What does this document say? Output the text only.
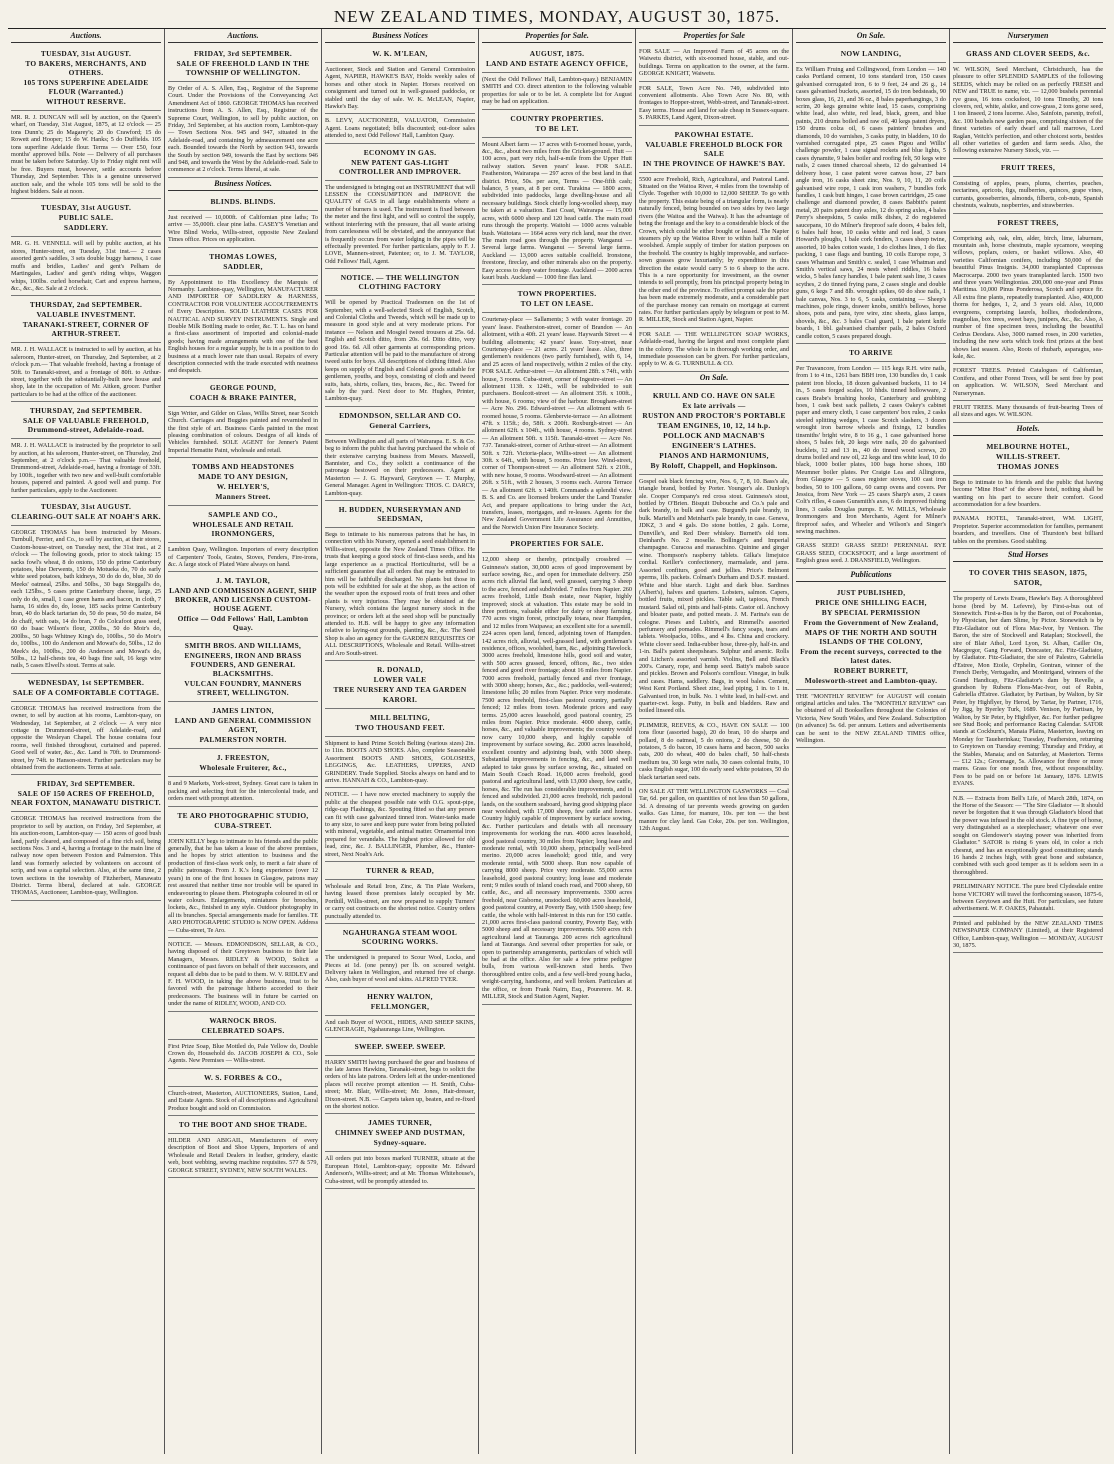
NEW ZEALAND TIMES, MONDAY, AUGUST 30, 1875.
Auctions.
TUESDAY, 31st AUGUST.
TO BAKERS, MERCHANTS, AND OTHERS.
105 TONS SUPERFINE ADELAIDE FLOUR (Warranted.)
WITHOUT RESERVE.
MR. R. J. DUNCAN will sell by auction, on the Queen's wharf, on Tuesday, 31st August, 1875, at 12 o'clock — 25 tons Dunn's; 25 do Magarey's; 20 do Crawford; 15 do Rowett and Hooper; 15 do W. Hanks; 5 do Duffields. 105 tons superfine Adelaide flour. Terms — Over £50, four months' approved bills. Note — Delivery of all purchases must be taken before Saturday. Up to Friday night rent will be free. Buyers must, however, settle accounts before Thursday, 2nd September. This is a genuine unreserved auction sale, and the whole 105 tons will be sold to the highest bidders. Sale at noon.
TUESDAY, 31st AUGUST.
PUBLIC SALE.
SADDLERY.
MR. G. H. VENNELL will sell by public auction, at his stores, Hunter-street, on Tuesday, 31st inst.— 2 cases assorted gent's saddles, 3 sets double buggy harness, 1 case muffs and bridles, Ladies' and gent's Pelham de Martingales, Ladies' and gent's riding whips, Waggon whips, 100lbs. curled horsehair, Cart and express harness, &c., &c., &c. Sale at 2 o'clock.
THURSDAY, 2nd SEPTEMBER.
VALUABLE INVESTMENT.
TARANAKI-STREET, CORNER OF ARTHUR-STREET.
MR. J. H. WALLACE is instructed to sell by auction, at his saleroom, Hunter-street, on Thursday, 2nd September, at 2 o'clock p.m.— That valuable freehold, having a frontage of 50ft. to Taranaki-street, and a frontage of 80ft. to Arthur-street, together with the substantially-built new house and shop, late in the occupation of Mr. Aitken, grocer. Further particulars to be had at the office of the auctioneer.
THURSDAY, 2nd SEPTEMBER.
SALE OF VALUABLE FREEHOLD, Drummond-street, Adelaide-road.
MR. J. H. WALLACE is instructed by the proprietor to sell by auction, at his saleroom, Hunter-street, on Thursday, 2nd September, at 2 o'clock p.m.— That valuable freehold, Drummond-street, Adelaide-road, having a frontage of 33ft. by 100ft., together with two new and well-built comfortable houses, papered and painted. A good well and pump. For further particulars, apply to the Auctioneer.
TUESDAY, 31st AUGUST.
CLEARING-OUT SALE AT NOAH'S ARK.
GEORGE THOMAS has been instructed by Messrs. Turnbull, Ferrier, and Co., to sell by auction, at their stores, Custom-house-street, on Tuesday next, the 31st inst., at 2 o'clock — The following goods, prior to stock taking: 15 sacks fowl's wheat, 8 do onions, 150 do prime Canterbury potatoes, blue Derwents, 150 do Motueka do, 70 do early white seed potatoes, bath kidneys, 30 do do do, blue, 30 do Meeks' oatmeal, 25lbs. and 50lbs., 30 bags Steggall's do, each 125lbs., 5 cases prime Canterbury cheese, large, 25 only do do, small, 1 case green hams and bacon, in cloth, 7 hams, 16 sides do, do, loose, 185 sacks prime Canterbury bran, 40 do black tartarian do, 50 do peas, 50 do maize, 84 do chaff, with oats, 14 do bran, 7 do Colcafoot grass seed, 60 do Isaac Wilson's flour, 200lbs., 50 do Moir's do, 200lbs., 50 bags Whitney King's do, 100lbs., 50 do Moir's do, 100lbs., 100 do Anderson and Mowat's do, 50lbs., 12 do Meek's do, 100lbs., 200 do Anderson and Mowat's do, 50lbs., 12 half-chests tea, 40 bags fine salt, 16 kegs wire nails, 5 cases Elwell's stout. Terms at sale.
WEDNESDAY, 1st SEPTEMBER.
SALE OF A COMFORTABLE COTTAGE.
GEORGE THOMAS has received instructions from the owner, to sell by auction at his rooms, Lambton-quay, on Wednesday, 1st September, at 2 o'clock — A very nice cottage in Drummond-street, off Adelaide-road, and opposite the Wesleyan Chapel. The house contains four rooms, well finished throughout, curtained and papered. Good well of water, &c., &c. Land is 70ft. to Drummond-street, by 74ft. to Hanson-street. Further particulars may be obtained from the auctioneers. Terms at sale.
FRIDAY, 3rd SEPTEMBER.
SALE OF 150 ACRES OF FREEHOLD, NEAR FOXTON, MANAWATU DISTRICT.
GEORGE THOMAS has received instructions from the proprietor to sell by auction, on Friday, 3rd September, at his auction-room, Lambton-quay — 150 acres of good bush land, partly cleared, and composed of a fine rich soil, being sections Nos. 3 and 4, having a frontage to the main line of railway now open between Foxton and Palmerston. This land was formerly selected by volunteers on account of scrip, and was a capital selection. Also, at the same time, 2 town sections in the township of Fitzherbert, Manawatu District. Terms liberal, declared at sale. GEORGE THOMAS, Auctioneer, Lambton-quay, Wellington.
Auctions.
FRIDAY, 3rd SEPTEMBER.
SALE OF FREEHOLD LAND IN THE TOWNSHIP OF WELLINGTON.
By Order of A. S. Allen, Esq., Registrar of the Supreme Court. Under the Provisions of the Conveyancing Act Amendment Act of 1860. GEORGE THOMAS has received instructions from A. S. Allen, Esq., Registrar of the Supreme Court, Wellington, to sell by public auction, on Friday, 3rd September, at his auction room, Lambton-quay — Town Sections Nos. 945 and 947, situated in the Adelaide-road, and containing by admeasurement one acre each. Bounded towards the North by section 943, towards the South by section 949, towards the East by sections 946 and 948, and towards the West by the Adelaide-road. Sale to commence at 2 o'clock. Terms liberal, at sale.
Business Notices.
BLINDS. BLINDS.
Just received — 10,000ft. of Californian pine laths; To arrive — 35,000ft. clear pine laths. CASEY'S Venetian and Wire Blind Works, Willis-street, opposite New Zealand Times office. Prices on application.
THOMAS LOWES,
SADDLER,
By Appointment to His Excellency the Marquis of Normanby. Lambton-quay, Wellington, MANUFACTURER AND IMPORTER OF SADDLERY & HARNESS, CONTRACTOR FOR VOLUNTEER ACCOUTREMENTS of Every Description. SOLID LEATHER CASES FOR NAUTICAL AND SURVEY INSTRUMENTS. Single and Double Milk Bottling made to order, &c. T. L. has on hand a first-class assortment of imported and colonial-made goods; having made arrangements with one of the best English houses for a regular supply, he is in a position to do business at a much lower rate than usual. Repairs of every description connected with the trade executed with neatness and despatch.
GEORGE POUND,
COACH & BRAKE PAINTER,
Sign Writer, and Gilder on Glass, Willis Street, near Scotch Church. Carriages and Buggies painted and revarnished in the first style of art. Business Cards painted in the most pleasing combination of colours. Designs of all kinds of Vehicles furnished. SOLE AGENT for Jenner's Patent Imperial Hematite Paint, wholesale and retail.
TOMBS AND HEADSTONES
MADE TO ANY DESIGN,
W. HELYER'S,
Manners Street.
SAMPLE AND CO.,
WHOLESALE AND RETAIL IRONMONGERS,
Lambton Quay, Wellington. Importers of every description of Carpenters' Tools, Grates, Stoves, Fenders, Fire-irons, &c. A large stock of Plated Ware always on hand.
J. M. TAYLOR,
LAND AND COMMISSION AGENT, SHIP BROKER, AND LICENSED CUSTOM-HOUSE AGENT.
Office — Odd Fellows' Hall, Lambton Quay.
SMITH BROS. AND WILLIAMS,
ENGINEERS, IRON AND BRASS FOUNDERS, AND GENERAL BLACKSMITHS.
VULCAN FOUNDRY, MANNERS STREET, WELLINGTON.
JAMES LINTON,
LAND AND GENERAL COMMISSION AGENT,
PALMERSTON NORTH.
J. FREESTON,
Wholesale Fruiterer, &c.,
8 and 9 Markets, York-street, Sydney. Great care is taken in packing and selecting fruit for the intercolonial trade, and orders meet with prompt attention.
TE ARO PHOTOGRAPHIC STUDIO,
CUBA-STREET.
JOHN KELLY begs to intimate to his friends and the public generally, that he has taken a lease of the above premises, and he hopes by strict attention to business and the production of first-class work only, to merit a fair share of public patronage. From J. K.'s long experience (over 12 years) in one of the first houses in Glasgow, patrons may rest assured that neither time nor trouble will be spared in endeavouring to please them. Photographs coloured in oil or water colours. Enlargements, miniatures for brooches, lockets, &c., finished in any style. Outdoor photography in all its branches. Special arrangements made for families. TE ARO PHOTOGRAPHIC STUDIO is NOW OPEN. Address — Cuba-street, Te Aro.
NOTICE. — Messrs. EDMONDSON, SELLAR, & CO., having disposed of their Greytown business to their late Managers, Messrs. RIDLEY & WOOD, Solicit a continuance of past favors on behalf of their successors, and request all debts due to be paid to them. W. V. RIDLEY and F. H. WOOD, in taking the above business, trust to be favored with the patronage hitherto accorded to their predecessors. The business will in future be carried on under the name of RIDLEY, WOOD, AND CO.
WARNOCK BROS.
CELEBRATED SOAPS.
First Prize Soap, Blue Mottled do, Pale Yellow do, Double Crown do, Household do. JACOB JOSEPH & CO., Sole Agents. New Premises — Willis-street.
W. S. FORBES & CO.,
Church-street, Masterton, AUCTIONEERS, Station, Land, and Estate Agents. Stock of all descriptions and Agricultural Produce bought and sold on Commission.
TO THE BOOT AND SHOE TRADE.
HILDER AND ABIGAIL, Manufacturers of every description of Boot and Shoe Uppers, Importers of and Wholesale and Retail Dealers in leather, grindery, elastic web, boot webbing, sewing machine requisites. 577 & 579, GEORGE STREET, SYDNEY, NEW SOUTH WALES.
Business Notices
W. K. M'LEAN,
Auctioneer, Stock and Station and General Commission Agent, NAPIER, HAWKE'S BAY, Holds weekly sales of horses and other stock in Napier. Horses received on consignment and turned out in well-grassed paddocks, or stabled until the day of sale. W. K. McLEAN, Napier, Hawke's Bay.
B. LEVY, AUCTIONEER, VALUATOR, Commission Agent. Loans negotiated; bills discounted; out-door sales attended to, next Odd Fellows' Hall, Lambton Quay.
ECONOMY IN GAS.
NEW PATENT GAS-LIGHT CONTROLLER AND IMPROVER.
The undersigned is bringing out an INSTRUMENT that will LESSEN the CONSUMPTION and IMPROVE the QUALITY of GAS in all large establishments where a number of burners is used. The instrument is fixed between the meter and the first light, and will so control the supply, without interfering with the pressure, that all waste arising from carelessness will be obviated, and the annoyance that is frequently occurs from water lodging in the pipes will be effectually prevented. For further particulars, apply to F. J. LOVE, Manners-street, Patentee; or, to J. M. TAYLOR, Odd Fellows' Hall, Agent.
NOTICE. — THE WELLINGTON CLOTHING FACTORY
Will be opened by Practical Tradesmen on the 1st of September, with a well-selected Stock of English, Scotch, and Colonial Cloths and Tweeds, which will be made up to measure in good style and at very moderate prices. For instance — Nelson and Mosgiel tweed trousers at 25s. 6d. English and Scotch ditto, from 20s. 6d. Ditto ditto, very good 16s. 6d. All other garments at corresponding prices. Particular attention will be paid to the manufacture of strong tweed suits for boys. All descriptions of clothing fitted. Also keeps on supply of English and Colonial goods suitable for gentlemen, youths, and boys, consisting of cloth and tweed suits, hats, shirts, collars, ties, braces, &c., &c. Tweed for sale by the yard. Next door to Mr. Hughes, Printer, Lambton-quay.
EDMONDSON, SELLAR AND CO.
General Carriers,
Between Wellington and all parts of Wairarapa. E. S. & Co. beg to inform the public that having purchased the whole of their extensive carrying business from Messrs. Maxwell, Bannister, and Co., they solicit a continuance of the patronage bestowed on their predecessors. Agent at Masterton — J. G. Hayward, Greytown — T. Murphy, General Manager. Agent in Wellington: THOS. C. DARCY, Lambton-quay.
H. BUDDEN, NURSERYMAN AND SEEDSMAN,
Begs to intimate to his numerous patrons that he has, in connection with his Nursery, opened a seed establishment in Willis-street, opposite the New Zealand Times Office. He trusts that keeping a good stock of first-class seeds, and his large experience as a practical Horticulturist, will be a sufficient guarantee that all orders that may be entrusted to him will be faithfully discharged. No plants but those in pots will be exhibited for sale at the shop, as the action of the weather upon the exposed roots of fruit trees and other plants is very injurious. They may be obtained at the Nursery, which contains the largest nursery stock in the province; or orders left at the seed shop will be punctually attended to. H.B. will be happy to give any information relative to laying-out grounds, planting, &c., &c. The Seed Shop is also an agency for the GARDEN REQUISITES OF ALL DESCRIPTIONS, Wholesale and Retail. Willis-street and Aro South-street.
R. DONALD,
LOWER VALE
TREE NURSERY AND TEA GARDEN
KARORI.
MILL BELTING,
TWO THOUSAND FEET.
Shipment to hand Prime Scotch Belting (various sizes) 2in. to 11in. BOOTS AND SHOES. Also, complete Seasonable Assortment BOOTS AND SHOES, GOLOSHES, LEGGINGS, &c. LEATHERS, UPPERS, AND GRINDERY. Trade Supplied. Stocks always on hand and to arrive. HANNAH & CO., Lambton-quay.
NOTICE. — I have now erected machinery to supply the public at the cheapest possible rate with O.G. spout-pipe, ridge-cap Flashings, &c. Spouting fitted so that any person can fit with case galvanized tinned iron. Water-tanks made to any size, to save and keep pure water from being polluted with mineral, vegetable, and animal matter. Ornamental iron prepared for verandahs. The highest price allowed for old lead, zinc, &c. J. BALLINGER, Plumber, &c., Hunter-street, Next Noah's Ark.
TURNER & READ,
Wholesale and Retail Iron, Zinc, & Tin Plate Workers, having leased those premises lately occupied by Mr. Porthill, Willis-street, are now prepared to supply Turners' or carry out contracts on the shortest notice. Country orders punctually attended to.
NGAHURANGA STEAM WOOL SCOURING WORKS.
The undersigned is prepared to Scour Wool, Locks, and Pieces at 1d. (one penny) per lb. on scoured weight. Delivery taken in Wellington, and returned free of charge. Also, cash buyer of wool and skins. ALFRED TYER.
HENRY WALTON,
FELLMONGER,
And cash Buyer of WOOL, HIDES, AND SHEEP SKINS, GLENCRAGIE, Ngahauranga Line, Wellington.
SWEEP. SWEEP. SWEEP.
HARRY SMITH having purchased the gear and business of the late James Hawkins, Taranaki-street, begs to solicit the orders of his late patrons. Orders left at the under-mentioned places will receive prompt attention — H. Smith, Cuba-street; Mr. Blair, Willis-street; Mr. Jones, Hair-dresser, Dixon-street. N.B. — Carpets taken up, beaten, and re-fixed on the shortest notice.
JAMES TURNER,
CHIMNEY SWEEP AND DUSTMAN,
Sydney-square.
All orders put into boxes marked TURNER, situate at the European Hotel, Lambton-quay; opposite Mr. Edward Anderson's, Willis-street; and at Mr. Thomas Whitehouse's, Cuba-street, will be promptly attended to.
Properties for Sale.
AUGUST, 1875.
LAND AND ESTATE AGENCY OFFICE,
(Next the Odd Fellows' Hall, Lambton-quay.) BENJAMIN SMITH and CO. direct attention to the following valuable properties for sale or to be let. A complete list for August may be had on application.
COUNTRY PROPERTIES.
TO BE LET.
Mount Albert farm — 17 acres with 6-roomed house, yards, &c., &c., about two miles from the Cricket-ground. Hutt — 100 acres, part very rich, half-a-mile from the Upper Hutt railway station. Seven years' lease. FOR SALE. Featherston, Wairarapa — 297 acres of the best land in that district. Price, 50s. per acre, Terms — One-fifth cash; balance, 5 years, at 8 per cent. Turakina — 1800 acres, subdivided into paddocks, large dwelling-house and all necessary buildings. Stock chiefly long-woolled sheep, may be taken at a valuation. East Coast, Wairarapa — 15,000 acres, with 6000 sheep and 120 head cattle. The main road runs through the property. Waitohi — 1000 acres valuable bush. Waitotara — 1664 acres very rich land, near the river. The main road goes through the property. Wanganui — Several large farms. Wanganui — Several large farms. Auckland — 13,000 acres suitable coalfield. Ironstone, freestone, fireclay, and other minerals also on the property. Easy access to deep water frontage. Auckland — 2000 acres kauri bush. Auckland — 1000 fine flax land.
TOWN PROPERTIES.
TO LET ON LEASE.
Courtenay-place — Sallaments; 3 with water frontage. 20 years' lease. Featherston-street, corner of Brandon — An allotment, with a 40ft. 21 years' lease. Haywards Street — 4 building allotments; 42 years' lease. Tory-street, near Courtenay-place — 21 acres. 21 years' lease. Also, three gentlemen's residences (two partly furnished), with 6, 14, and 25 acres of land respectively, within 2 miles of the city. FOR SALE. Arthur-street — An allotment 28ft. x 74ft., with house, 3 rooms. Cuba-street, corner of Ingestre-street — An allotment 113ft. x 124ft., will be subdivided to suit purchasers. Boulcott-street — An allotment 35ft. x 100ft., with house, 6 rooms; view of the harbour. Brougham-street — Acre No. 296. Edward-street — An allotment with 6-roomed house, 5 rooms. Glenbervie-terrace — An allotment 47ft. x 115ft.; do, 58ft. x 200ft. Roxburgh-street — An allotment 62ft. x 104ft., with house, 4 rooms. Sydney-street — An allotment 50ft. x 115ft. Taranaki-street — Acre No. 737. Taranaki-street, corner of Arthur-street — An allotment 50ft. x 72ft. Victoria-place, Willis-street — An allotment 30ft. x 64ft., with house, 5 rooms. Price low. Wind-street, corner of Thompson-street — An allotment 52ft. x 210ft., with new house, 9 rooms. Woodward-street — An allotment 26ft. x 51ft., with 2 houses, 3 rooms each. Aurora Terrace — An allotment 62ft. x 140ft. Commands a splendid view. B. S. and Co. are licensed brokers under the Land Transfer Act, and prepare applications to bring under the Act, transfers, leases, mortgages, and re-leases. Agents for the New Zealand Government Life Assurance and Annuities, and the Norwich Union Fire Insurance Society.
PROPERTIES FOR SALE.
12,000 sheep or thereby, principally crossbred — Guinness's station, 30,000 acres of good improvement by surface sowing, &c., and open for immediate delivery. 250 acres rich alluvial flat land, well grassed, carrying 3 sheep to the acre, fenced and subdivided. 7 miles from Napier. 260 acres freehold, Little Bush estate, near Napier, highly improved; stock at valuation. This estate may be sold in three portions, valuable either for dairy or sheep farming. 770 acres virgin forest, principally totara, near Hampden, and 12 miles from Waipawa; an excellent site for a sawmill. 224 acres open land, fenced, adjoining town of Hampden. 142 acres rich, alluvial, well-grassed land, with gentleman's residence, offices, woolshed, barn, &c., adjoining Havelock. 3000 acres freehold, limestone hills, good soil and water, with 500 acres grassed, fenced, offices, &c., two sides fenced and good river frontage; about 16 miles from Napier. 7000 acres freehold, partially fenced and river frontage, with 3000 sheep; horses, &c., &c.; paddocks, well-watered; limestone hills; 20 miles from Napier. Price very moderate. 7500 acres freehold, first-class pastoral country, partially fenced; 12 miles from town. Moderate prices and easy terms. 25,000 acres leasehold, good pastoral country, 25 miles from Napier. Price moderate. 4000 sheep, cattle, horses, &c., and valuable improvements; the country would now carry 10,000 sheep, and highly capable of improvement by surface sowing, &c. 2000 acres leasehold, excellent country and adjoining bush, with 3000 sheep. Substantial improvements in fencing, &c., and land well adapted to take grass by surface sowing, &c., situated on Main South Coach Road. 16,000 acres freehold, good pastoral and agricultural land, with 13,000 sheep, few cattle, horses, &c. The run has considerable improvements, and is fenced and subdivided. 21,000 acres freehold, rich pastoral lands, on the southern seaboard, having good shipping place near woolshed, with 17,000 sheep, few cattle and horses. Country highly capable of improvement by surface sowing, &c. Further particulars and details with all necessary improvements for working the run. 4000 acres leasehold, good pastoral country, 30 miles from Napier; long lease and moderate rental, with 10,000 sheep, principally well-bred merino. 20,000 acres leasehold; good title, and very moderate rental, with 5000 sheep. Run now capable of carrying 8000 sheep. Price very moderate. 55,000 acres leasehold, good pastoral country; long lease and moderate rent; 9 miles south of inland coach road, and 7000 sheep, 60 cattle, &c., and all necessary improvements. 3300 acres freehold, near Gisborne, unstocked. 60,000 acres leasehold, good pastoral country, at Poverty Bay, with 1500 sheep; few cattle, the whole with half-interest in this run for 150 cattle. 21,000 acres first-class pastoral country, Poverty Bay, with 5000 sheep and all necessary improvements. 500 acres rich agricultural land at Tauranga. 200 acres rich agricultural land at Tauranga. And several other properties for sale, or open to partnership arrangements, particulars of which will be had at the office. Also for sale a few prime pedigree bulls, from various well-known stud herds. Two thoroughbred entire colts, and a few well-bred young hacks, weight-carrying, handsome, and well broken. Particulars at the office, or from Frank Nairn, Esq., Pourerere. M. R. MILLER, Stock and Station Agent, Napier.
Properties for Sale
FOR SALE — An Improved Farm of 45 acres on the Waiwetu district, with six-roomed house, stable, and out-buildings. Terms on application to the owner, at the farm. GEORGE KNIGHT, Waiwetu.
FOR SALE, Town Acre No. 749, subdivided into convenient allotments. Also Town Acre No. 80, with frontages to Hopper-street, Webb-street, and Taranaki-street. Easy terms. House and land for sale cheap in Sussex-square. S. PARKES, Land Agent, Dixon-street.
PAKOWHAI ESTATE.
VALUABLE FREEHOLD BLOCK FOR SALE
IN THE PROVINCE OF HAWKE'S BAY.
5500 acre Freehold, Rich, Agricultural, and Pastoral Land. Situated on the Waitoa River, 4 miles from the township of Clyde. Together with 10,000 to 12,000 SHEEP. To go with the property. This estate being of a triangular form, is nearly naturally fenced, being bounded on two sides by two large rivers (the Waitoa and the Waiwa). It has the advantage of being the frontage and the key to a considerable block of the Crown, which could be either bought or leased. The Napier steamers ply up the Waitoa River to within half a mile of woolshed. Ample supply of timber for station purposes on the freehold. The country is highly improvable, and surface-sown grasses grow luxuriantly; by expenditure in this direction the estate would carry 5 to 6 sheep to the acre. This is a rare opportunity for investment, as the owner intends to sell promptly, from his principal property being in the other end of the province. To effect prompt sale the price has been made extremely moderate, and a considerable part of the purchase money can remain on mortgage at current rates. For further particulars apply by telegram or post to M. R. MILLER, Stock and Station Agent, Napier.
FOR SALE — THE WELLINGTON SOAP WORKS, Adelaide-road, having the largest and most complete plant in the colony. The whole is in thorough working order, and immediate possession can be given. For further particulars, apply to W. & G. TURNBULL & CO.
On Sale.
KRULL AND CO. HAVE ON SALE
Ex late arrivals —
RUSTON AND PROCTOR'S PORTABLE
TEAM ENGINES, 10, 12, 14 h.p.
POLLOCK AND MACNAB'S
ENGINEER'S LATHES.
PIANOS AND HARMONIUMS,
By Roloff, Chappell, and Hopkinson.
Gospel oak black fencing wire, Nos. 6, 7, 8, 10. Bass's ale, triangle brand, bottled by Porter. Younger's ale. Dunlop's ale. Cooper Company's red cross stout. Guinness's stout, bottled by O'Brien. Bisquit Dubouche and Co.'s pale and dark brandy, in bulk and case. Burgund's pale brandy, in bulk. Martell's and Meinhart's pale brandy, in case. Geneva, JDKZ, 3 and 4 gals. Do stone bottles, 2 gals. Lorne, Dunville's, and Red Deer whiskey. Burnett's old tom. Deinhard's No. 2 moselle. Bollinger's and Imperial champagne. Curacoa and maraschino. Quinine and ginger wine. Thompson's raspberry tablets. Gilka's limejuice cordial. Keiller's confectionery, marmalade, and jams. Assorted confiturs, good and jellies. Price's Belmont sperms, 1lb. packets. Colman's Durham and D.S.F. mustard. White and blue starch. Light and dark blue. Sardines (Albert's), halves and quarters. Lobsters, salmon. Capers, bottled fruits, mixed pickles. Table salt, tapioca, French mustard. Salad oil, pints and half-pints. Castor oil. Anchovy and bloater paste, and potted meats. J. M. Farina's eau de cologne. Pieses and Lubin's, and Rimmell's assorted perfumery and pomades. Rimmell's fancy soaps, tears and tablets. Woolpacks, 10lbs., and 4 lbs. China and crockery. White clover seed. India-rubber hose, three-ply, half-in. and 1-in. Ball's patent sheepshears. Sulphur and arsenic. Rolls and Litchen's assorted varnish. Violins, Bell and Black's 200's. Canary, rope, and hemp seed. Batty's mabob sauce and pickles. Brown and Polson's cornflour. Vinegar, in bulk and cases. Hams, saddlery. Bags, in wool bales. Cement, West Kent Portland. Sheet zinc, lead piping, 1 in. to 1 in. Galvanised iron, in bulk. No. 1 white lead, in half-cwt. and quarter-cwt. kegs. Putty, in bulk and bladders. Raw and boiled linseed oils.
PLIMMER, REEVES, & CO., HAVE ON SALE — 100 tons flour (assorted bags), 20 do bran, 10 do sharps and pollard, 8 do oatmeal, 5 do onions, 2 do cheese, 50 do potatoes, 5 do bacon, 10 cases hams and bacon, 500 sacks oats, 200 do wheat, 400 do bales chaff, 50 half-chests medium tea, 30 kegs wire nails, 30 cases colonial fruits, 10 casks English sugar, 100 do early seed white potatoes, 50 do black tartarian seed oats.
ON SALE AT THE WELLINGTON GASWORKS — Coal Tar, 6d. per gallon, on quantities of not less than 50 gallons, 3d. A dressing of tar prevents weeds growing on garden walks. Gas Lime, for manure, 10s. per ton — the best manure for clay land. Gas Coke, 20s. per ton. Wellington, 12th August.
On Sale.
NOW LANDING,
Ex William Fruing and Collingwood, from London — 140 casks Portland cement, 10 tons standard iron, 150 cases galvanised corrugated iron, 6 to 9 feet, 24 and 26 g., 14 cases galvanised buckets, assorted, 15 do iron bedsteads, 90 boxes glass, 16, 21, and 36 oz., 8 bales paperhangings, 3 do scrim, 20 kegs genuine white lead, 15 cases, comprising white lead, also white, red lead, black, green, and blue paints, 210 drums boiled and raw oil, 40 kegs patent dryers, 150 drums colza oil, 6 cases painters' brushes and diamonds, 10 do varnishes, 3 casks putty, in bladders, 10 do varnished corrugated pipe, 25 cases Pigou and Willis' challenge powder, 1 case signal rockets and blue lights, 5 cases dynamite, 9 bales boiler and roofing felt, 50 kegs wire nails, 2 cases tinned charcoal sheets, 12 do galvanised 14 delivery hose, 1 case patent wove canvas hose, 27 bars angle iron, 16 casks sheet zinc, Nos. 9, 10, 11, 20 coils galvanised wire rope, 1 cask iron washers, 7 bundles fork handles, 1 cask butt hinges, 1 case brown cartridges, 25 case challenge and diamond powder, 8 cases Babbitt's patent metal, 20 pairs patent dray axles, 12 do spring axles, 4 bales Perry's sheepskins, 5 casks milk dishes, 2 do registered saucepans, 10 do Milner's fireproof safe doors, 4 bales felt, 6 bales half hose, 10 casks white and red lead, 3 cases Howard's ploughs, 1 bale cork fenders, 3 cases sheep twine, assorted, 10 bales cotton waste, 1 do clothes lines, 1 do flax packing, 1 case flags and bunting, 10 coils Europe rope, 3 cases Whatman and Smith's c. sealed, 1 case Whatman and Smith's vertical saws, 24 nests wheel riddles, 16 bales wicks, 5 bales fancy handles, 1 bale patent sash line, 3 cases scythes, 2 do tinned frying pans, 2 cases single and double guns, 6 kegs 7 and 8lb. wrought spikes, 60 do shoe nails, 1 bale canvas, Nos. 3 to 6, 5 casks, containing — Sheep's machines, pole rings, drawer knobs, smith's bellows, horse shoes, pots and pans, tyre wire, zinc sheets, glass lamps, shovels, &c., &c. 3 bales Coal guard, 1 bale patent knife boards, 1 bbl. galvanised chamber pails, 2 bales Oxford candle cotton, 5 cases prepared dough.
TO ARRIVE
Per Travancore, from London — 115 kegs R.H. wire nails, from 1 to 4 in., 1261 bars BBH iron, 130 bundles do, 1 cask patent iron blocks, 18 dozen galvanised buckets, 11 to 14 in., 5 cases forged scales, 10 hhds. tinned hollowware, 2 cases Brabe's brushing hooks, Canterbury and grubbing hoes, 1 cask best sack palliets, 2 cases Oakey's cabinet paper and emery cloth, 1 case carpenters' box rules, 2 casks steeled splitting wedges, 1 case Scotch slashers, 3 dozen wrought iron barrow wheels and fixings, 12 bundles tinsmiths' bright wire, 8 to 16 g., 1 case galvanised horse shoes, 5 bales felt, 20 kegs wire nails, 20 do galvanised bucklets, 12 and 13 in., 40 do tinned wood screws, 20 drums boiled and raw oil, 22 kegs and tins white lead, 10 do black, 1000 boiler plates, 100 bags horse shoes, 180 Meumner boiler plates. Per Craigie Lea and Allingtons, from Glasgow — 5 cases register stoves, 100 cast iron bodies, 50 to 100 gallons, 60 camp ovens and covers. Per Jessica, from New York — 25 cases Sharp's axes, 2 cases Colt's rifles, 4 cases Gunsmith's axes, 6 do improved fishing lines, 3 casks Douglas pumps. E. W. MILLS, Wholesale Ironmongers and Iron Merchants, Agent for Milner's fireproof safes, and Wheeler and Wilson's and Singer's sewing machines.
GRASS SEED! GRASS SEED! PERENNIAL RYE GRASS SEED, COCKSFOOT, and a large assortment of English grass seed. J. DRANSFIELD, Wellington.
Publications
JUST PUBLISHED,
PRICE ONE SHILLING EACH,
BY SPECIAL PERMISSION
From the Government of New Zealand,
MAPS OF THE NORTH AND SOUTH ISLANDS OF THE COLONY,
From the recent surveys, corrected to the latest dates.
ROBERT BURRETT,
Molesworth-street and Lambton-quay.
THE "MONTHLY REVIEW" for AUGUST will contain original articles and tales. The "MONTHLY REVIEW" can be obtained of all Booksellers throughout the Colonies of Victoria, New South Wales, and New Zealand. Subscription (in advance) 5s. 6d. per annum. Letters and advertisements can be sent to the NEW ZEALAND TIMES office, Wellington.
Nurserymen
GRASS AND CLOVER SEEDS, &c.
W. WILSON, Seed Merchant, Christchurch, has the pleasure to offer SPLENDID SAMPLES of the following SEEDS, which may be relied on as perfectly FRESH and NEW and TRUE to name, viz. — 12,000 bushels perennial rye grass, 16 tons cocksfoot, 10 tons Timothy, 20 tons clovers, red, white, alsike, and cow-grass, 2 tons gorse seed, 1 ton linseed, 2 tons lucerne. Also, Sainfoin, parsnip, trefoil, &c. 100 bushels new garden peas, comprising sixteen of the finest varieties of early dwarf and tall marrows, Lord Raglan, Veitch's perfection, and other choicest sorts, besides all other varieties of garden and farm seeds. Also, the following extensive Nursery Stock, viz. —
FRUIT TREES,
Consisting of apples, pears, plums, cherries, peaches, nectarines, apricots, figs, mulberries, quinces, grape vines, currants, gooseberries, almonds, filberts, cob-nuts, Spanish chestnuts, walnuts, raspberries, and strawberries.
FOREST TREES,
Comprising ash, oak, elm, alder, birch, lime, laburnum, mountain ash, horse chestnuts, maple sycamore, weeping willows, poplars, osiers, or basket willows. Also, 40 varieties Californian conifers, including 50,000 of the beautiful Pinus Insignis. 34,000 transplanted Cupressus Macrocarpa. 2000 two years transplanted larch. 1500 two and three years Wellingtonias. 200,000 one-year and Pinus Maritima. 10,000 Pinus Ponderosa, Scotch and spruce fir. All extra fine plants, repeatedly transplanted. Also, 400,000 thorns for hedges, 1, 2, and 3 years old. Also, 10,000 evergreens, comprising laurels, hollies, rhododendrons, magnolias, box trees, sweet bays, junipers, &c., &c. Also, A number of fine specimen trees, including the beautiful Cedrus Deodara. Also, 3000 named roses, in 200 varieties, including the new sorts which took first prizes at the best shows last season. Also, Roots of rhubarb, asparagus, sea-kale, &c.
FOREST TREES. Printed Catalogues of Californian, Conifera, and other Forest Trees, will be sent free by post on application. W. WILSON, Seed Merchant and Nurseryman.
FRUIT TREES. Many thousands of fruit-bearing Trees of all sizes and ages. W. WILSON.
Hotels.
MELBOURNE HOTEL,
WILLIS-STREET.
THOMAS JONES
Begs to intimate to his friends and the public that having become "Mine Host" of the above hotel, nothing shall be wanting on his part to secure their comfort. Good accommodation for a few boarders.
PANAMA HOTEL, Taranaki-street, WM. LIGHT, Proprietor. Superior accommodation for families, permanent boarders, and travellers. One of Thurston's best billiard tables on the premises. Good stabling.
Stud Horses
TO COVER THIS SEASON, 1875,
SATOR,
The property of Lewis Evans, Hawke's Bay. A thoroughbred horse (bred by M. Lefevre), by First-a-bus out of Stonewitch. First-a-Bus is by the Baron, out of Pocahontas, by Physician, her dam Slime, by Pictor. Stonewitch is by Fitz-Gladiator out of Flora Mac-Ivor, by Venison. The Baron, the sire of Stockwell and Rataplan; Stockwell, the sire of Blair Athol, Lord Lyon, St. Alban, Cailler On, Macgregor, Gang Forward, Doncaster, &c. Fitz-Gladiator, by Gladiator. Fitz-Gladiator, the sire of Palestro, Gabriella d'Estree, Mon Etoile, Orphelin, Gontran, winner of the French Derby, Vertugadin, and Monitrigand, winners of the Grand Handicap, Fitz-Gladiator's dam by Revelle, a grandson by Rubens Flora-Mac-Ivor, out of Rubin, Gabriella d'Estree. Gladiator, by Partisan, by Walton, by Sir Peter, by Highflyer, by Herod, by Tartar, by Partner, 1716, by Jigg, by Byerley Turk, 1689. Venison, by Partisan, by Walton, by Sir Peter, by Highflyer, &c. For further pedigree see Stud Book; and performance Racing Calendar. SATOR stands at Cockburn's, Manaia Plains, Masterton, leaving on Monday for Taueherinkau; Tuesday, Featherston, returning to Greytown on Tuesday evening; Thursday and Friday, at the Stables, Manaia; and on Saturday, at Masterton. Terms — £12 12s.; Groomage, 5s. Allowance for three or more mares. Grass for one month free, without responsibility. Fees to be paid on or before 1st January, 1876. LEWIS EVANS.
N.B. — Extracts from Bell's Life, of March 28th, 1874, on the Horse of the Season: — "The Sire Gladiator — It should never be forgotten that it was through Gladiator's blood that the power was infused in the old stock. A fine type of horse, very distinguished as a steeplechaser; whatever one ever sought on Glendower's staying power was inherited from Gladiator." SATOR is rising 6 years old, in color a rich chesnut, and has an exceptionally good constitution; stands 16 hands 2 inches high, with great bone and substance, combined with such good temper as it is seldom seen in a thoroughbred.
PRELIMINARY NOTICE. The pure bred Clydesdale entire horse VICTORY will travel the forthcoming season, 1875-6, between Greytown and the Hutt. For particulars, see future advertisement. W. F. OAKES, Pahautahi.
Printed and published by the NEW ZEALAND TIMES NEWSPAPER COMPANY (Limited), at their Registered Office, Lambton-quay, Wellington — MONDAY, AUGUST 30, 1875.
